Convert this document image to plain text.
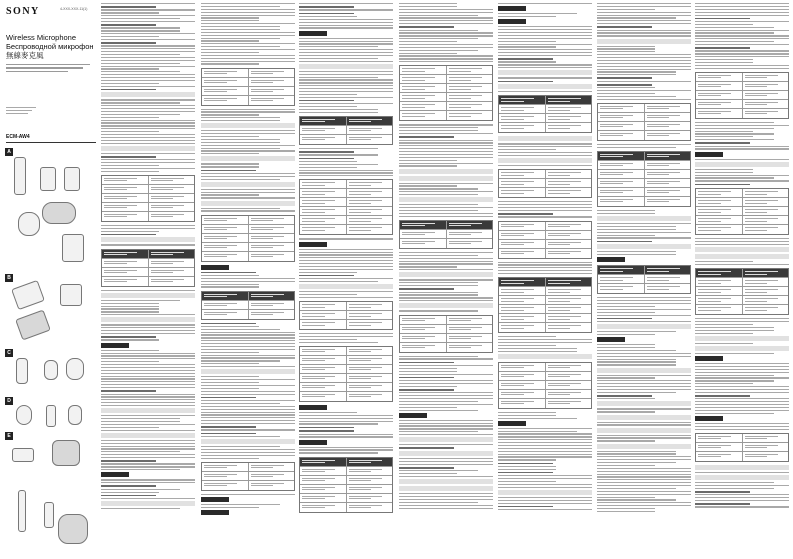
SONY	4-XXX-XXX-11(1)
Wireless Microphone
Беспроводной микрофон
無線麥克風
ECM-AW4
A
B
C
D
E
